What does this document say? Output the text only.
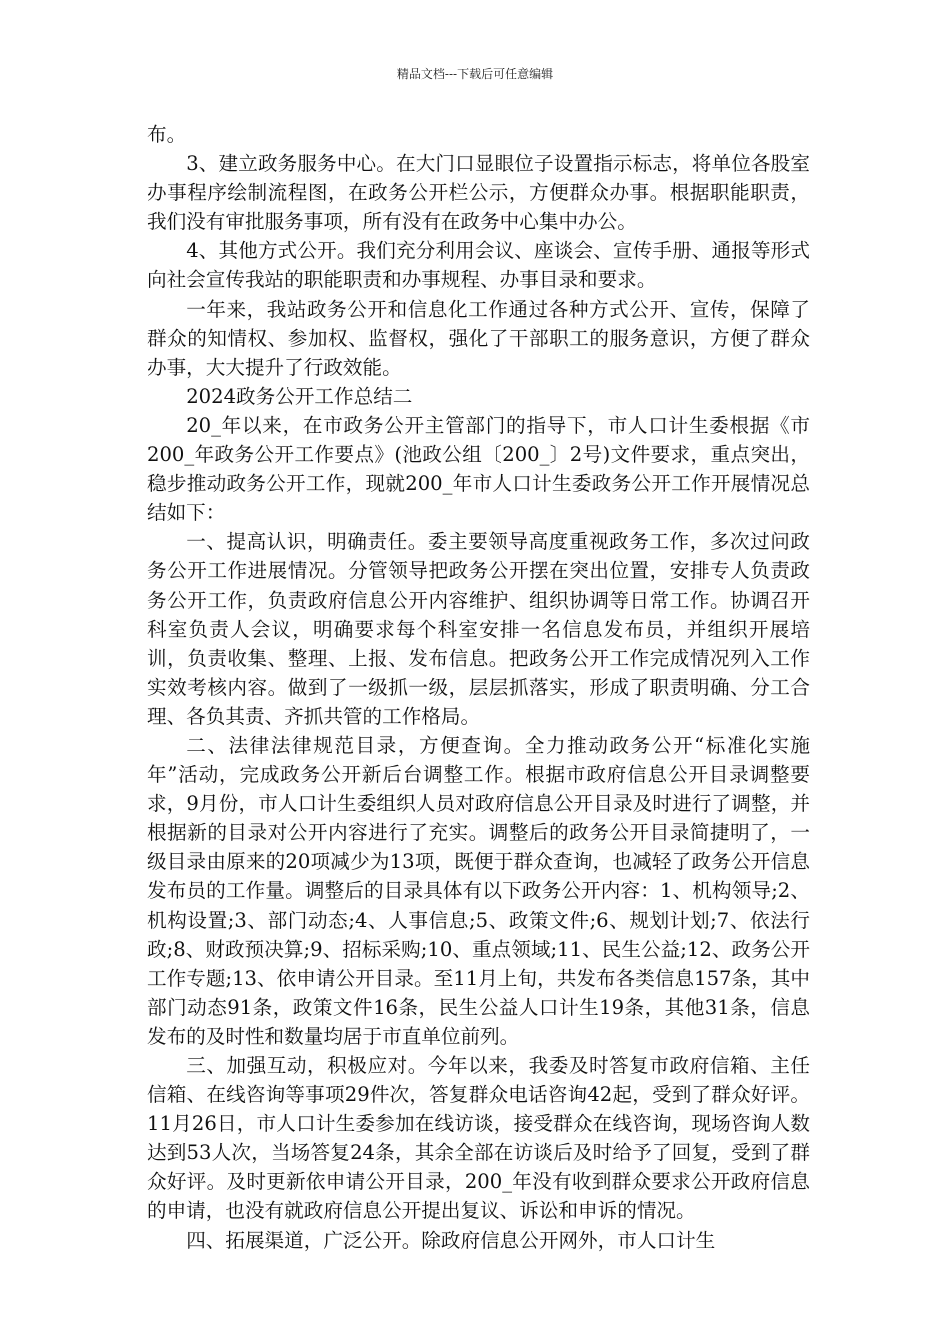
精品文档---下载后可任意编辑

布。

3、建立政务服务中心。在大门口显眼位子设置指示标志，将单位各股室办事程序绘制流程图，在政务公开栏公示，方便群众办事。根据职能职责，我们没有审批服务事项，所有没有在政务中心集中办公。

4、其他方式公开。我们充分利用会议、座谈会、宣传手册、通报等形式向社会宣传我站的职能职责和办事规程、办事目录和要求。

一年来，我站政务公开和信息化工作通过各种方式公开、宣传，保障了群众的知情权、参加权、监督权，强化了干部职工的服务意识，方便了群众办事，大大提升了行政效能。

2024政务公开工作总结二

20_年以来，在市政务公开主管部门的指导下，市人口计生委根据《市200_年政务公开工作要点》(池政公组〔200_〕2号)文件要求，重点突出，稳步推动政务公开工作，现就200_年市人口计生委政务公开工作开展情况总结如下：

一、提高认识，明确责任。委主要领导高度重视政务工作，多次过问政务公开工作进展情况。分管领导把政务公开摆在突出位置，安排专人负责政务公开工作，负责政府信息公开内容维护、组织协调等日常工作。协调召开科室负责人会议，明确要求每个科室安排一名信息发布员，并组织开展培训，负责收集、整理、上报、发布信息。把政务公开工作完成情况列入工作实效考核内容。做到了一级抓一级，层层抓落实，形成了职责明确、分工合理、各负其责、齐抓共管的工作格局。

二、法律法律规范目录，方便查询。全力推动政务公开“标准化实施年”活动，完成政务公开新后台调整工作。根据市政府信息公开目录调整要求，9月份，市人口计生委组织人员对政府信息公开目录及时进行了调整，并根据新的目录对公开内容进行了充实。调整后的政务公开目录简捷明了，一级目录由原来的20项减少为13项，既便于群众查询，也减轻了政务公开信息发布员的工作量。调整后的目录具体有以下政务公开内容：1、机构领导;2、机构设置;3、部门动态;4、人事信息;5、政策文件;6、规划计划;7、依法行政;8、财政预决算;9、招标采购;10、重点领域;11、民生公益;12、政务公开工作专题;13、依申请公开目录。至11月上旬，共发布各类信息157条，其中部门动态91条，政策文件16条，民生公益人口计生19条，其他31条，信息发布的及时性和数量均居于市直单位前列。

三、加强互动，积极应对。今年以来，我委及时答复市政府信箱、主任信箱、在线咨询等事项29件次，答复群众电话咨询42起，受到了群众好评。11月26日，市人口计生委参加在线访谈，接受群众在线咨询，现场咨询人数达到53人次，当场答复24条，其余全部在访谈后及时给予了回复，受到了群众好评。及时更新依申请公开目录，200_年没有收到群众要求公开政府信息的申请，也没有就政府信息公开提出复议、诉讼和申诉的情况。

四、拓展渠道，广泛公开。除政府信息公开网外，市人口计生
